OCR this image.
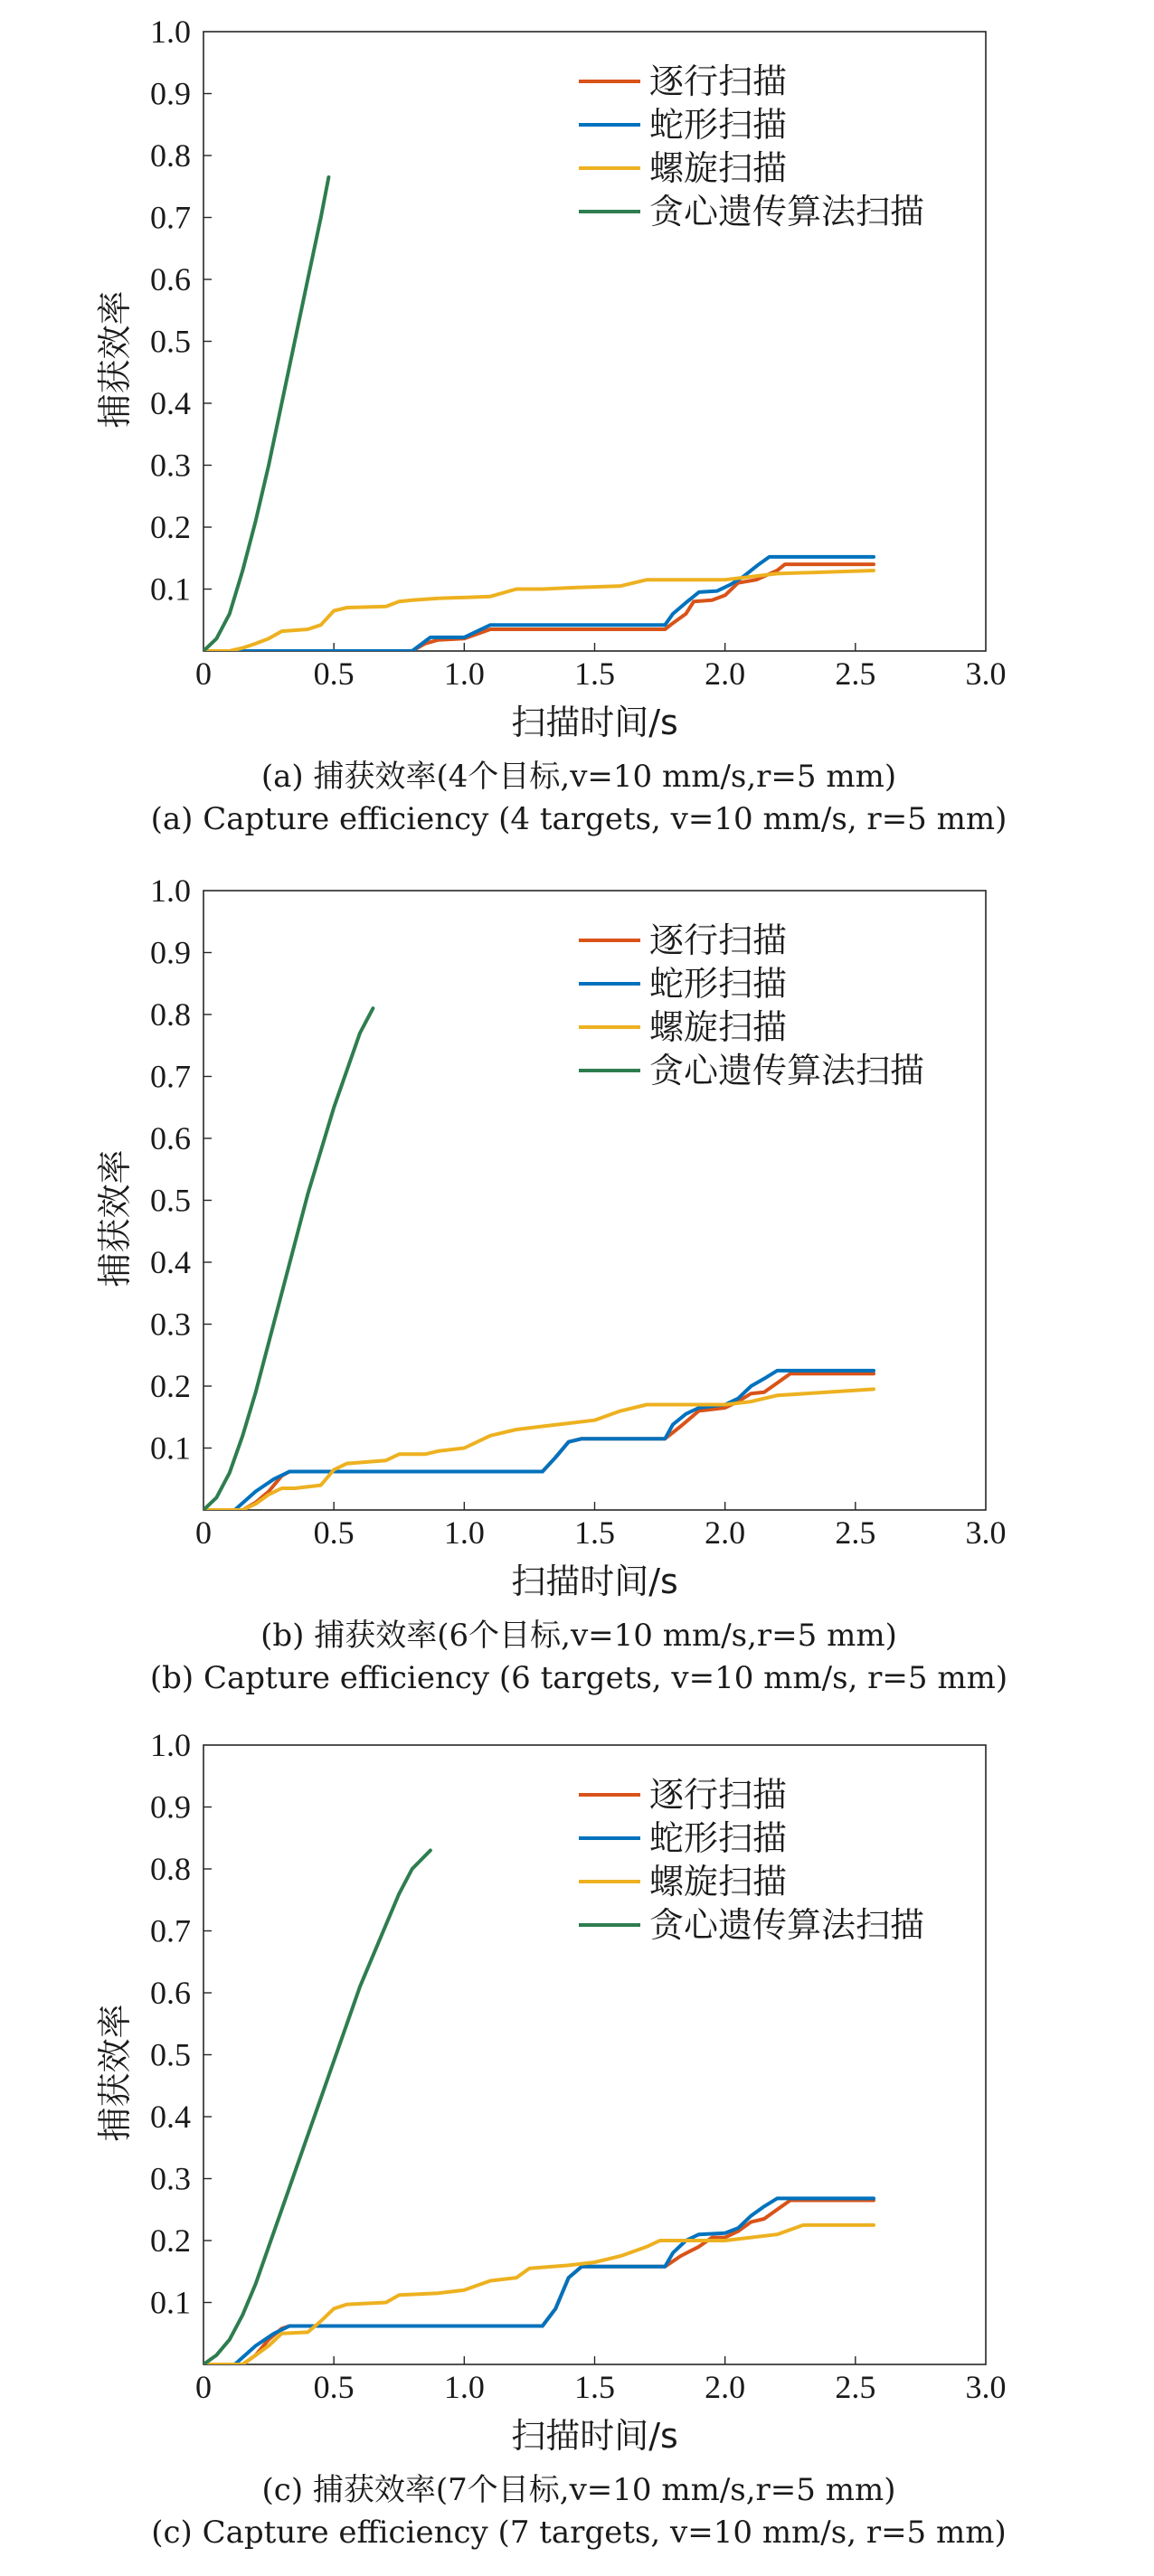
0	0.5	1.0	1.5	2.0	2.5	3.0
0.1
0.2
0.3
0.4
0.5
0.6
0.7
0.8
0.9
1.0
扫描时间/s
捕获效率
逐行扫描
蛇形扫描
螺旋扫描
贪心遗传算法扫描
(a) 捕获效率(4个目标,v=10 mm/s,r=5 mm)
(a) Capture efficiency (4 targets, v=10 mm/s, r=5 mm)
0	0.5	1.0	1.5	2.0	2.5	3.0
0.1
0.2
0.3
0.4
0.5
0.6
0.7
0.8
0.9
1.0
扫描时间/s
捕获效率
逐行扫描
蛇形扫描
螺旋扫描
贪心遗传算法扫描
(b) 捕获效率(6个目标,v=10 mm/s,r=5 mm)
(b) Capture efficiency (6 targets, v=10 mm/s, r=5 mm)
0	0.5	1.0	1.5	2.0	2.5	3.0
0.1
0.2
0.3
0.4
0.5
0.6
0.7
0.8
0.9
1.0
扫描时间/s
捕获效率
逐行扫描
蛇形扫描
螺旋扫描
贪心遗传算法扫描
(c) 捕获效率(7个目标,v=10 mm/s,r=5 mm)
(c) Capture efficiency (7 targets, v=10 mm/s, r=5 mm)
